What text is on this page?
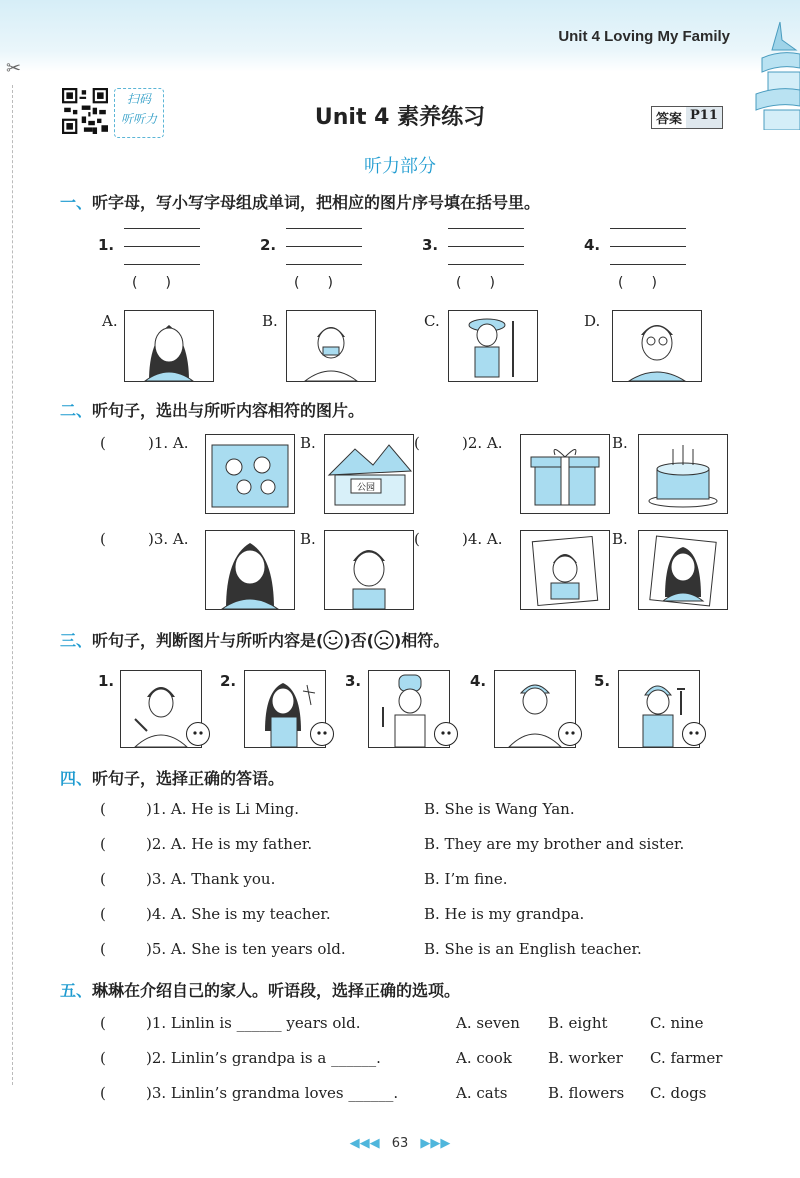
Unit 4 Loving My Family
✂
扫码
听听力	Unit 4 素养练习	答案 P11
听力部分
一、听字母，写小写字母组成单词，把相应的图片序号填在括号里。
1.
(　　)
2.
(　　)
3.
(　　)
4.
(　　)
A.	B.	C.	D.
二、听句子，选出与所听内容相符的图片。
(	)1. A.	B.
公园
(	)2. A.	B.
(	)3. A.	B.	(	)4. A.	B.
三、听句子，判断图片与所听内容是( )否( )相符。
1.	2.	3.	4.	5.
四、听句子，选择正确的答语。
(	)1. A. He is Li Ming.	B. She is Wang Yan.
(	)2. A. He is my father.	B. They are my brother and sister.
(	)3. A. Thank you.	B. I’m fine.
(	)4. A. She is my teacher.	B. He is my grandpa.
(	)5. A. She is ten years old.	B. She is an English teacher.
五、琳琳在介绍自己的家人。听语段，选择正确的选项。
(	)1. Linlin is ______ years old.	A. seven B. eight	C. nine
(	)2. Linlin’s grandpa is a ______.	A. cook B. worker C. farmer
(	)3. Linlin’s grandma loves ______.	A. cats	B. flowers C. dogs
◀◀◀ 63 ▶▶▶
